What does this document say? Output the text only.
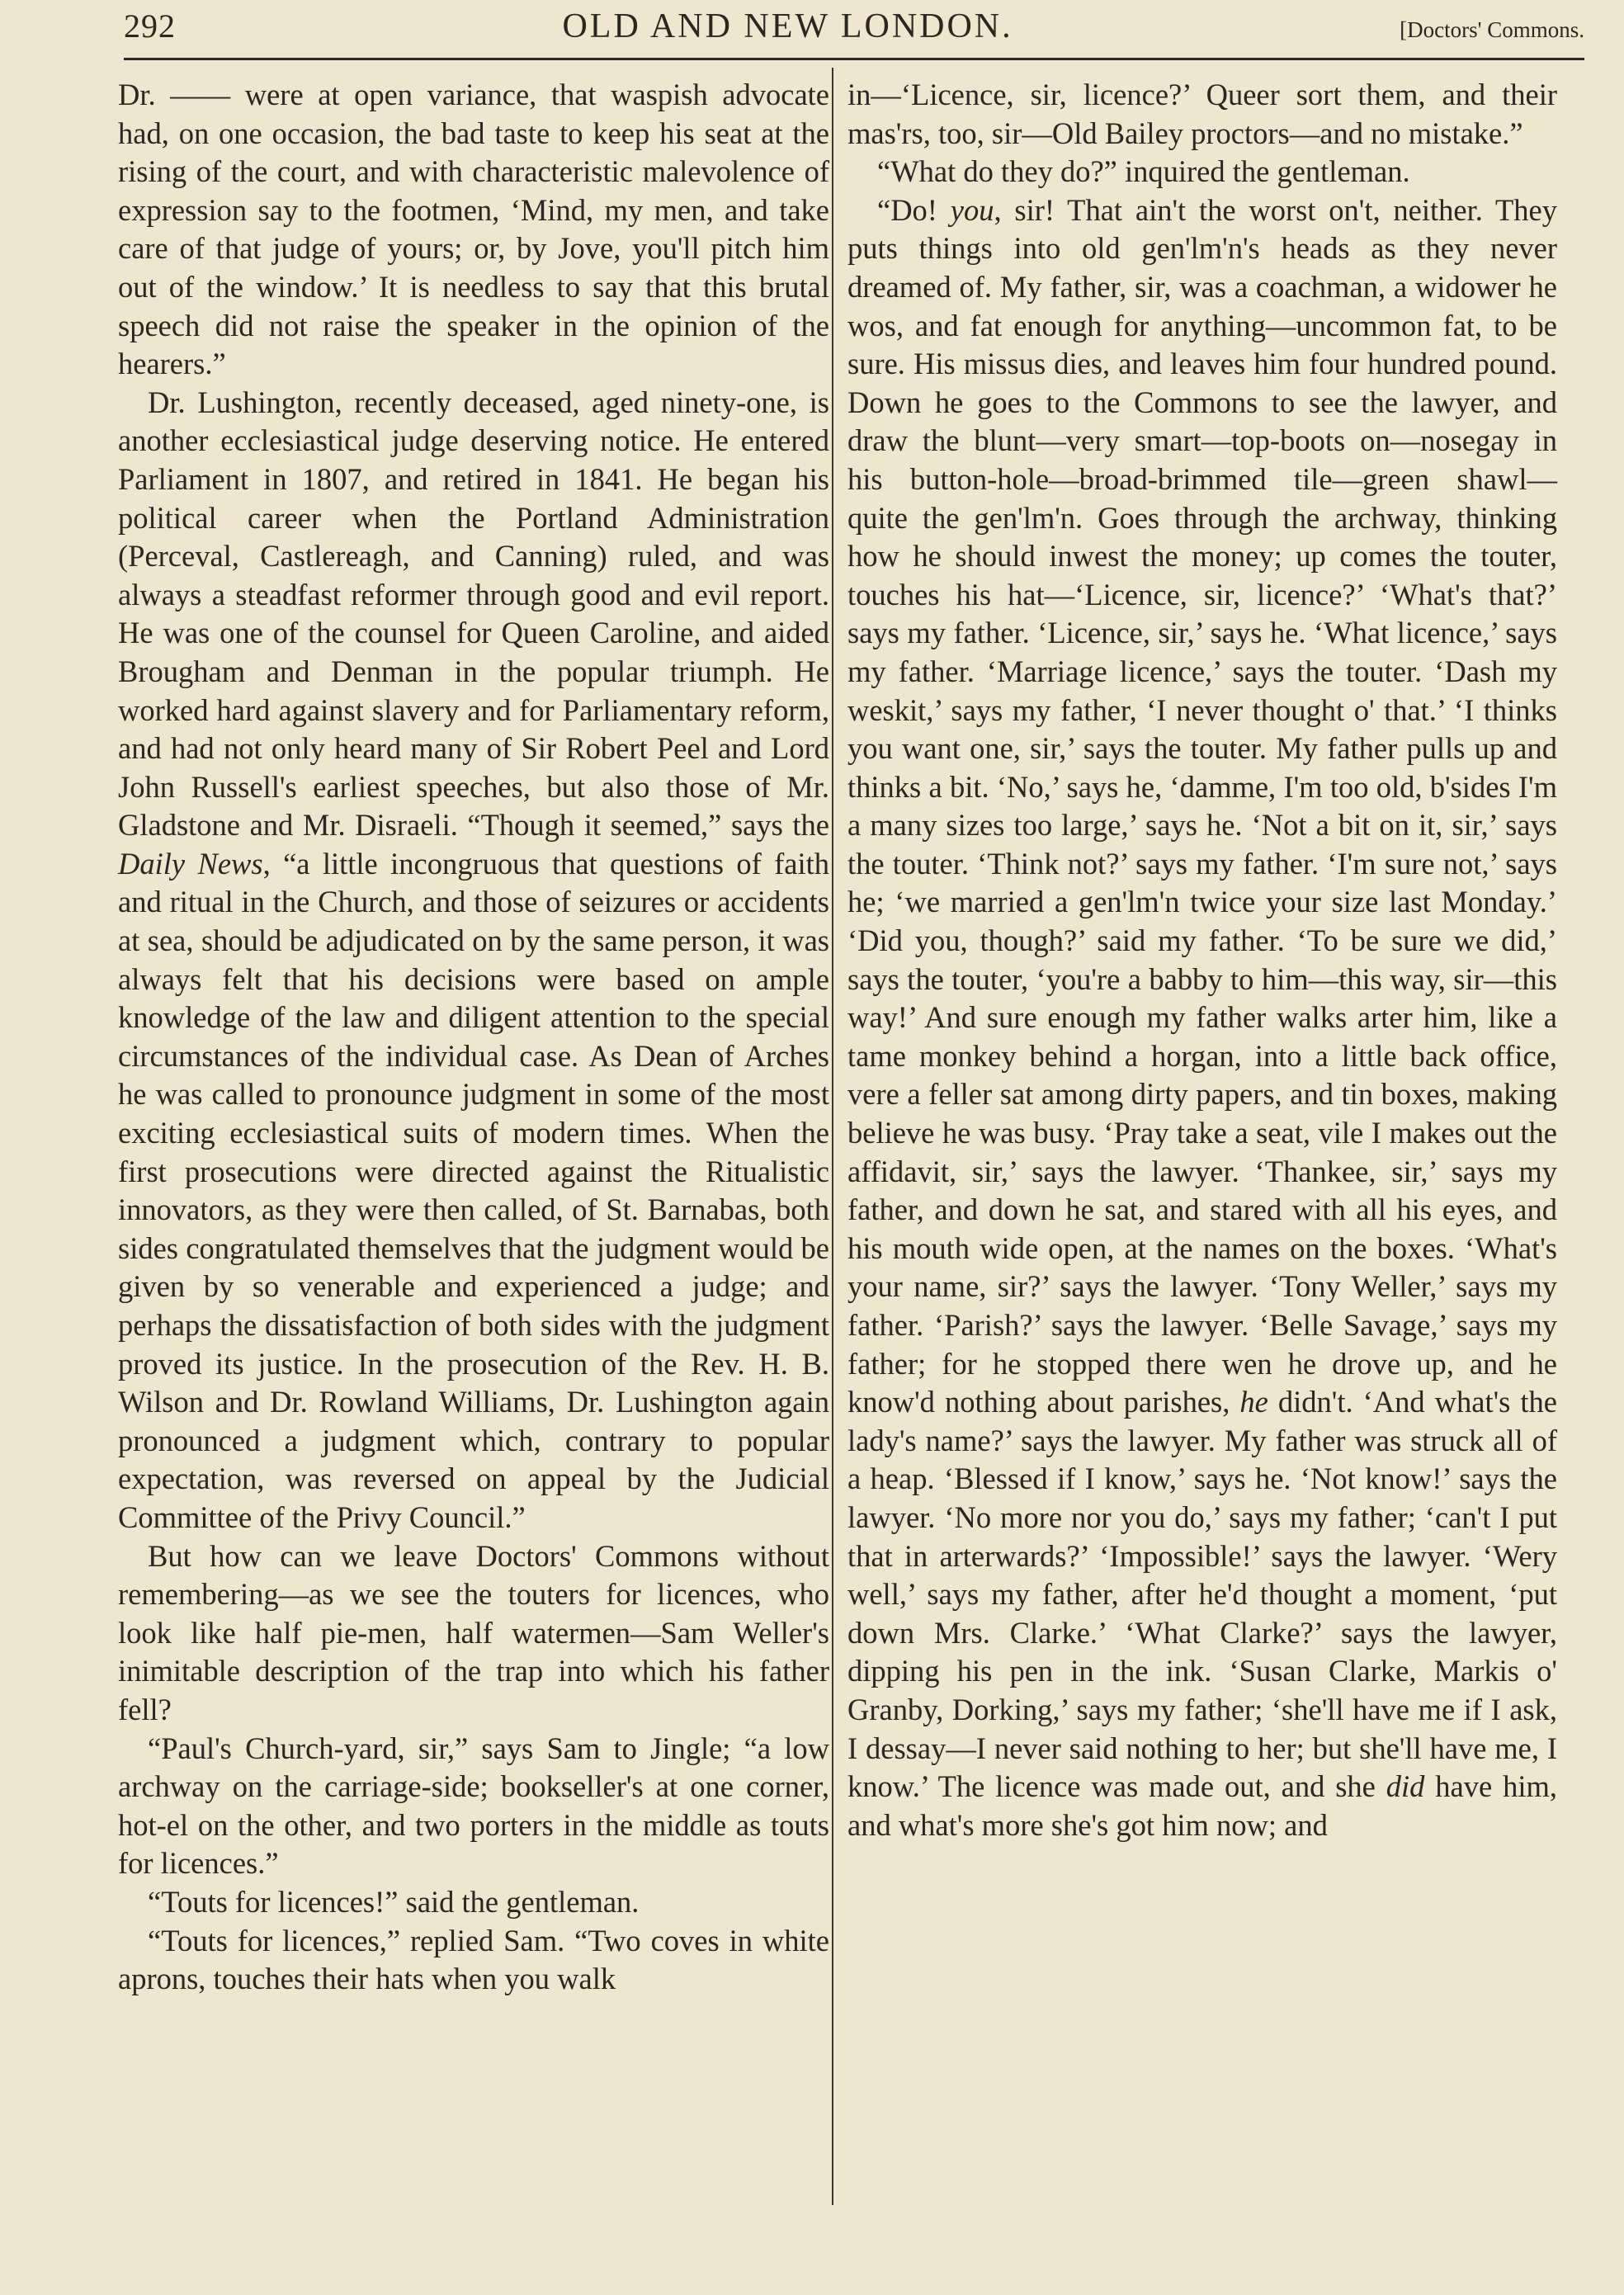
292	OLD AND NEW LONDON.	[Doctors' Commons.

Dr. —— were at open variance, that waspish advocate had, on one occasion, the bad taste to keep his seat at the rising of the court, and with characteristic malevolence of expression say to the footmen, ‘Mind, my men, and take care of that judge of yours; or, by Jove, you'll pitch him out of the window.’ It is needless to say that this brutal speech did not raise the speaker in the opinion of the hearers.”

Dr. Lushington, recently deceased, aged ninety-one, is another ecclesiastical judge deserving notice. He entered Parliament in 1807, and retired in 1841. He began his political career when the Portland Administration (Perceval, Castlereagh, and Canning) ruled, and was always a steadfast reformer through good and evil report. He was one of the counsel for Queen Caroline, and aided Brougham and Denman in the popular triumph. He worked hard against slavery and for Parliamentary reform, and had not only heard many of Sir Robert Peel and Lord John Russell's earliest speeches, but also those of Mr. Gladstone and Mr. Disraeli. “Though it seemed,” says the Daily News, “a little incongruous that questions of faith and ritual in the Church, and those of seizures or accidents at sea, should be adjudicated on by the same person, it was always felt that his decisions were based on ample knowledge of the law and diligent attention to the special circumstances of the individual case. As Dean of Arches he was called to pronounce judgment in some of the most exciting ecclesiastical suits of modern times. When the first prosecutions were directed against the Ritualistic innovators, as they were then called, of St. Barnabas, both sides congratulated themselves that the judgment would be given by so venerable and experienced a judge; and perhaps the dissatisfaction of both sides with the judgment proved its justice. In the prosecution of the Rev. H. B. Wilson and Dr. Rowland Williams, Dr. Lushington again pronounced a judgment which, contrary to popular expectation, was reversed on appeal by the Judicial Committee of the Privy Council.”

But how can we leave Doctors' Commons without remembering—as we see the touters for licences, who look like half pie-men, half watermen—Sam Weller's inimitable description of the trap into which his father fell?

“Paul's Church-yard, sir,” says Sam to Jingle; “a low archway on the carriage-side; bookseller's at one corner, hot-el on the other, and two porters in the middle as touts for licences.”

“Touts for licences!” said the gentleman.

“Touts for licences,” replied Sam. “Two coves in white aprons, touches their hats when you walk

in—‘Licence, sir, licence?’ Queer sort them, and their mas'rs, too, sir—Old Bailey proctors—and no mistake.”

“What do they do?” inquired the gentleman.

“Do! you, sir! That ain't the worst on't, neither. They puts things into old gen'lm'n's heads as they never dreamed of. My father, sir, was a coachman, a widower he wos, and fat enough for anything—uncommon fat, to be sure. His missus dies, and leaves him four hundred pound. Down he goes to the Commons to see the lawyer, and draw the blunt—very smart—top-boots on—nosegay in his button-hole—broad-brimmed tile—green shawl—quite the gen'lm'n. Goes through the archway, thinking how he should inwest the money; up comes the touter, touches his hat—‘Licence, sir, licence?’ ‘What's that?’ says my father. ‘Licence, sir,’ says he. ‘What licence,’ says my father. ‘Marriage licence,’ says the touter. ‘Dash my weskit,’ says my father, ‘I never thought o' that.’ ‘I thinks you want one, sir,’ says the touter. My father pulls up and thinks a bit. ‘No,’ says he, ‘damme, I'm too old, b'sides I'm a many sizes too large,’ says he. ‘Not a bit on it, sir,’ says the touter. ‘Think not?’ says my father. ‘I'm sure not,’ says he; ‘we married a gen'lm'n twice your size last Monday.’ ‘Did you, though?’ said my father. ‘To be sure we did,’ says the touter, ‘you're a babby to him—this way, sir—this way!’ And sure enough my father walks arter him, like a tame monkey behind a horgan, into a little back office, vere a feller sat among dirty papers, and tin boxes, making believe he was busy. ‘Pray take a seat, vile I makes out the affidavit, sir,’ says the lawyer. ‘Thankee, sir,’ says my father, and down he sat, and stared with all his eyes, and his mouth wide open, at the names on the boxes. ‘What's your name, sir?’ says the lawyer. ‘Tony Weller,’ says my father. ‘Parish?’ says the lawyer. ‘Belle Savage,’ says my father; for he stopped there wen he drove up, and he know'd nothing about parishes, he didn't. ‘And what's the lady's name?’ says the lawyer. My father was struck all of a heap. ‘Blessed if I know,’ says he. ‘Not know!’ says the lawyer. ‘No more nor you do,’ says my father; ‘can't I put that in arterwards?’ ‘Impossible!’ says the lawyer. ‘Wery well,’ says my father, after he'd thought a moment, ‘put down Mrs. Clarke.’ ‘What Clarke?’ says the lawyer, dipping his pen in the ink. ‘Susan Clarke, Markis o' Granby, Dorking,’ says my father; ‘she'll have me if I ask, I dessay—I never said nothing to her; but she'll have me, I know.’ The licence was made out, and she did have him, and what's more she's got him now; and
